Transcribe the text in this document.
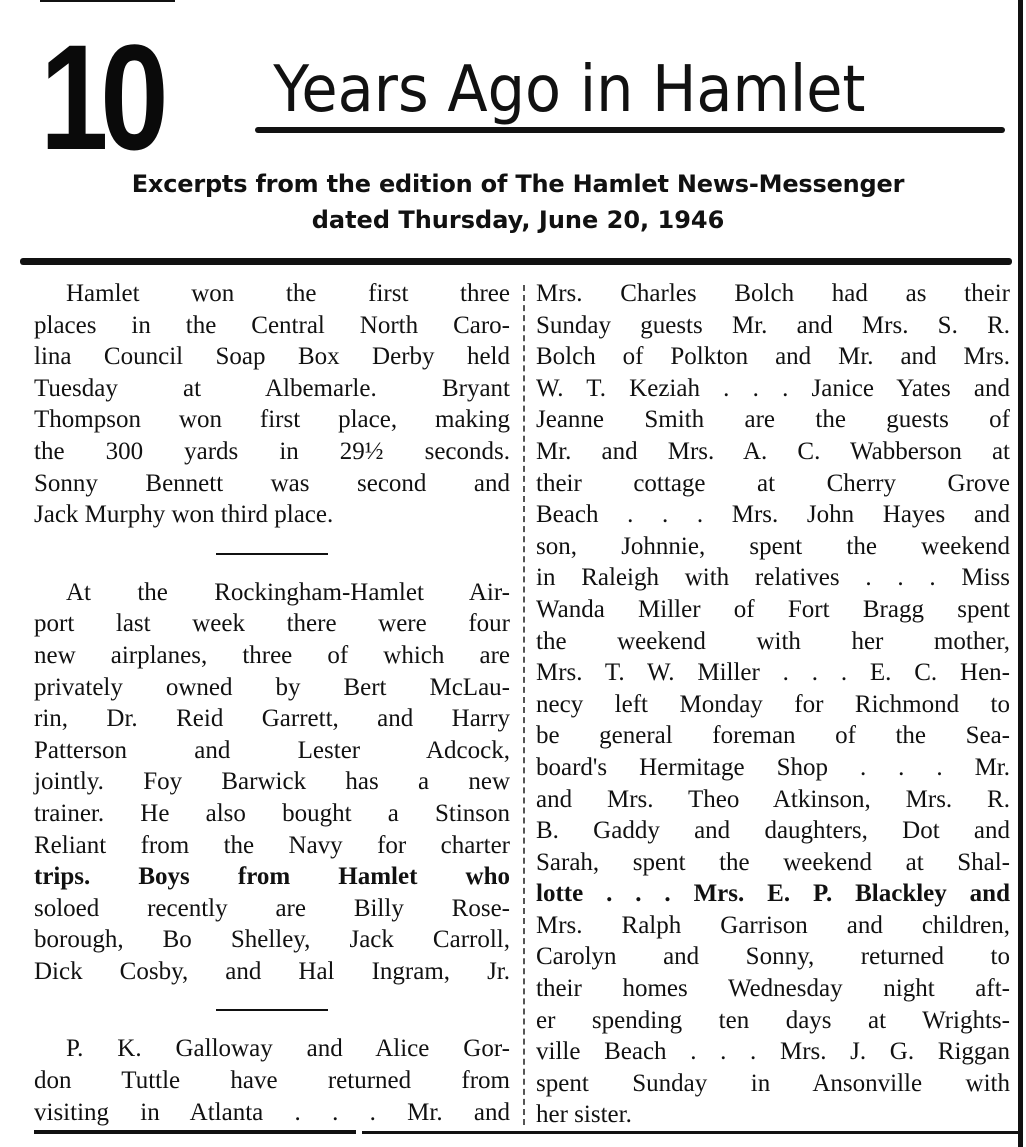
10	Years Ago in Hamlet
Excerpts from the edition of The Hamlet News-Messenger
dated Thursday, June 20, 1946
Hamlet won the first three
places in the Central North Caro-
lina Council Soap Box Derby held
Tuesday at Albemarle. Bryant
Thompson won first place, making
the 300 yards in 29½ seconds.
Sonny Bennett was second and
Jack Murphy won third place.
At the Rockingham-Hamlet Air-
port last week there were four
new airplanes, three of which are
privately owned by Bert McLau-
rin, Dr. Reid Garrett, and Harry
Patterson and Lester Adcock,
jointly. Foy Barwick has a new
trainer. He also bought a Stinson
Reliant from the Navy for charter
trips. Boys from Hamlet who
soloed recently are Billy Rose-
borough, Bo Shelley, Jack Carroll,
Dick Cosby, and Hal Ingram, Jr.
P. K. Galloway and Alice Gor-
don Tuttle have returned from
visiting in Atlanta . . . Mr. and
Mrs. Charles Bolch had as their
Sunday guests Mr. and Mrs. S. R.
Bolch of Polkton and Mr. and Mrs.
W. T. Keziah . . . Janice Yates and
Jeanne Smith are the guests of
Mr. and Mrs. A. C. Wabberson at
their cottage at Cherry Grove
Beach . . . Mrs. John Hayes and
son, Johnnie, spent the weekend
in Raleigh with relatives . . . Miss
Wanda Miller of Fort Bragg spent
the weekend with her mother,
Mrs. T. W. Miller . . . E. C. Hen-
necy left Monday for Richmond to
be general foreman of the Sea-
board's Hermitage Shop . . . Mr.
and Mrs. Theo Atkinson, Mrs. R.
B. Gaddy and daughters, Dot and
Sarah, spent the weekend at Shal-
lotte . . . Mrs. E. P. Blackley and
Mrs. Ralph Garrison and children,
Carolyn and Sonny, returned to
their homes Wednesday night aft-
er spending ten days at Wrights-
ville Beach . . . Mrs. J. G. Riggan
spent Sunday in Ansonville with
her sister.
